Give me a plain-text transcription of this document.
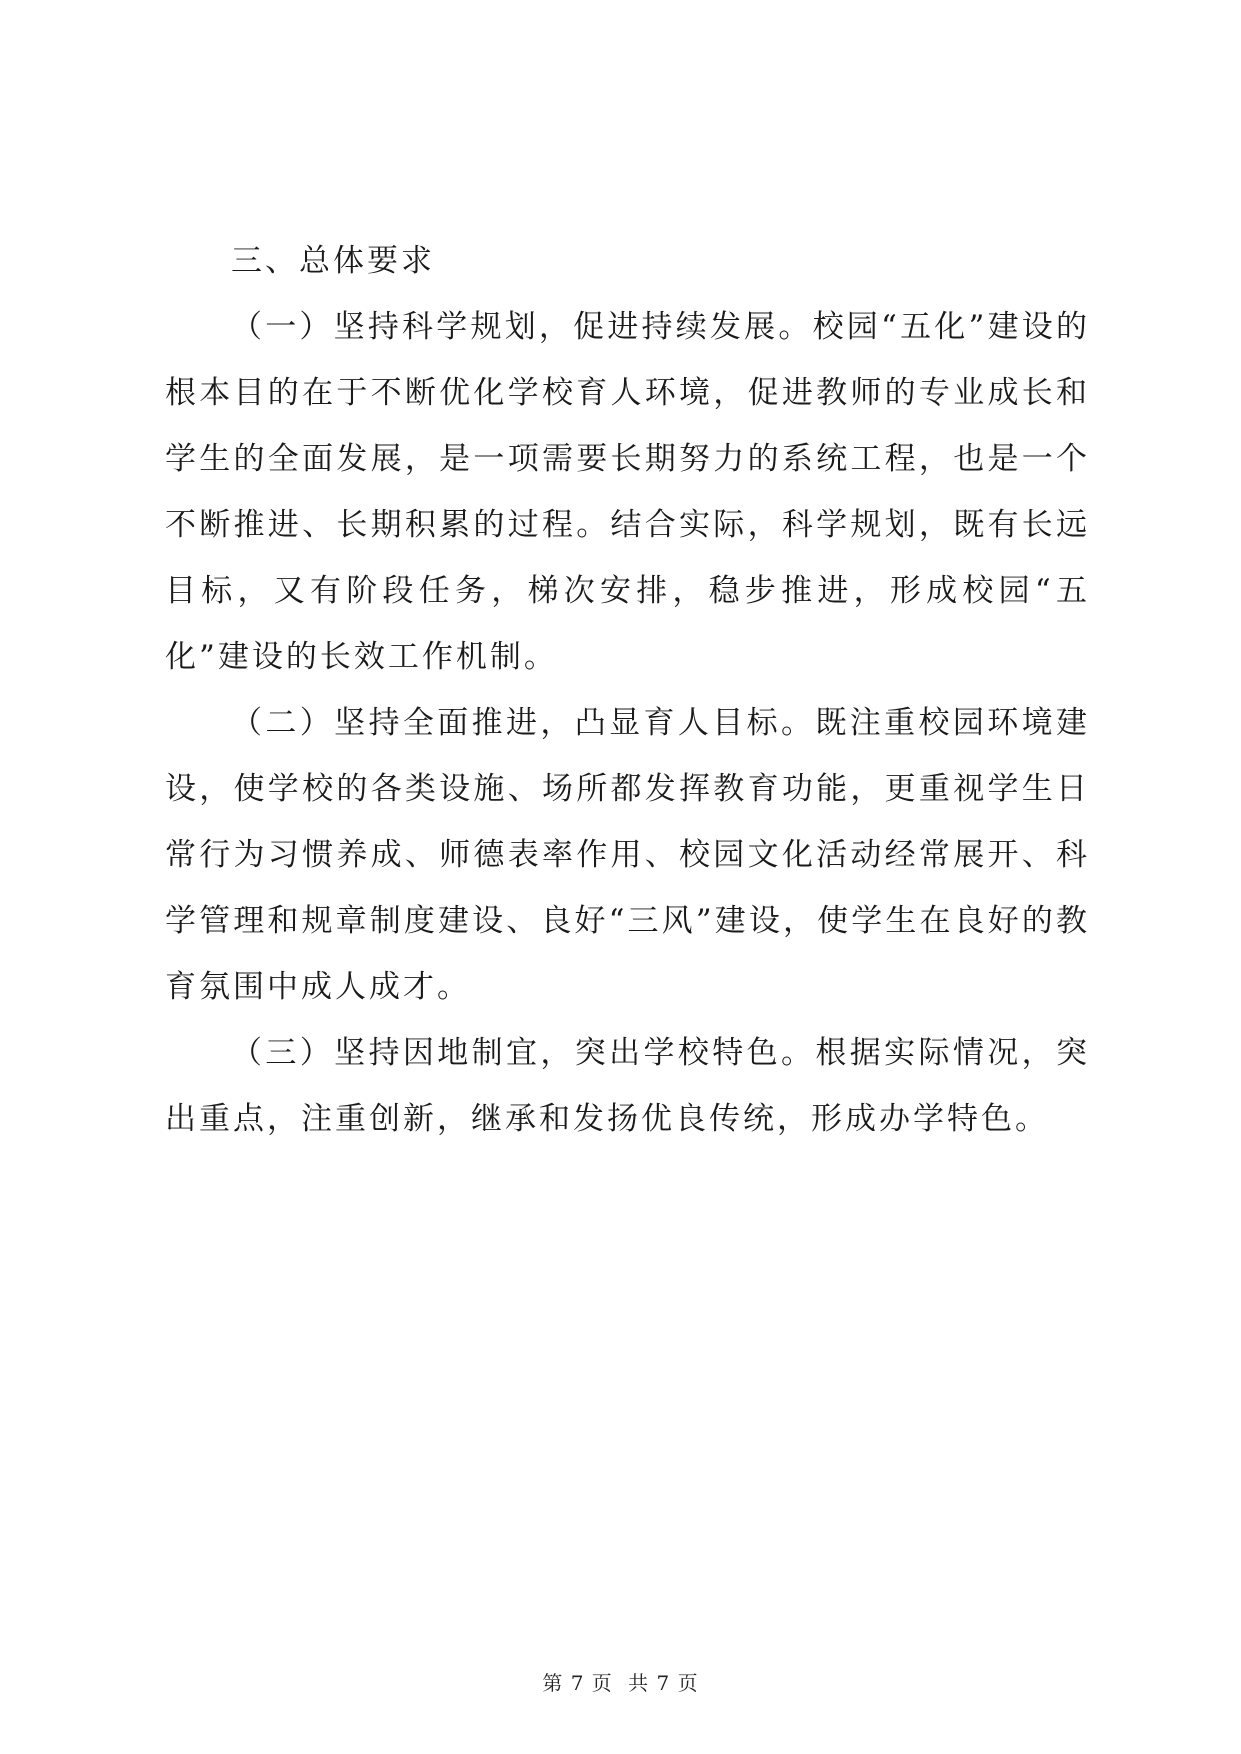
三、总体要求

（一）坚持科学规划，促进持续发展。校园“五化”建设的根本目的在于不断优化学校育人环境，促进教师的专业成长和学生的全面发展，是一项需要长期努力的系统工程，也是一个不断推进、长期积累的过程。结合实际，科学规划，既有长远目标，又有阶段任务，梯次安排，稳步推进，形成校园“五化”建设的长效工作机制。

（二）坚持全面推进，凸显育人目标。既注重校园环境建设，使学校的各类设施、场所都发挥教育功能，更重视学生日常行为习惯养成、师德表率作用、校园文化活动经常展开、科学管理和规章制度建设、良好“三风”建设，使学生在良好的教育氛围中成人成才。

（三）坚持因地制宜，突出学校特色。根据实际情况，突出重点，注重创新，继承和发扬优良传统，形成办学特色。

第 7 页 共 7 页
